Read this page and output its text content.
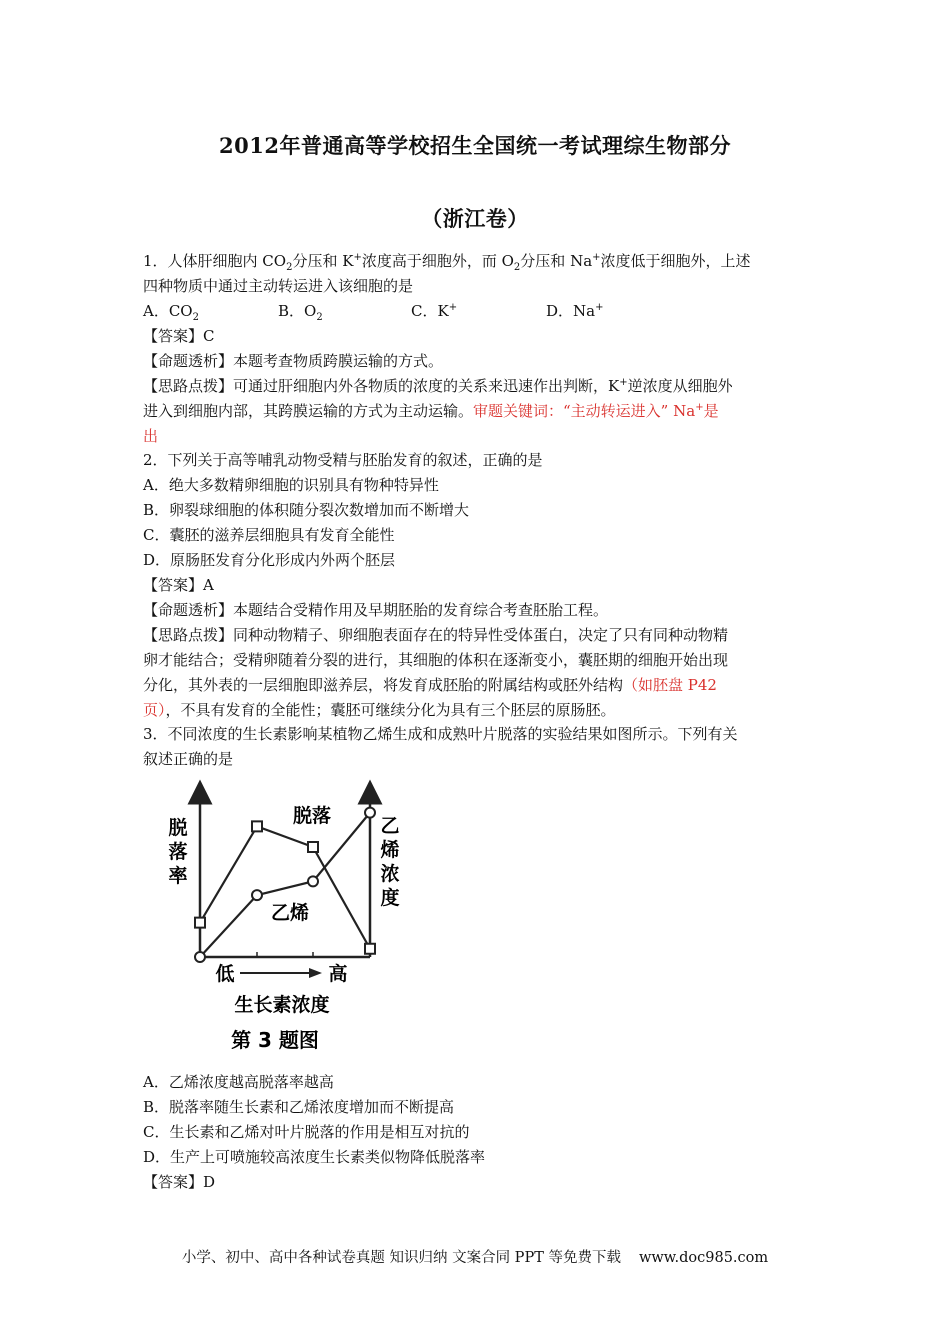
2012年普通高等学校招生全国统一考试理综生物部分
（浙江卷）
1．人体肝细胞内 $CO_2$分压和 K+浓度高于细胞外，而 $O_2$分压和 Na+浓度低于细胞外，上述
四种物质中通过主动转运进入该细胞的是
A．$CO_2$	B．$O_2$	C．K+	D．Na+
【答案】C
【命题透析】本题考查物质跨膜运输的方式。
【思路点拨】可通过肝细胞内外各物质的浓度的关系来迅速作出判断，K+逆浓度从细胞外
进入到细胞内部，其跨膜运输的方式为主动运输。审题关键词：“主动转运进入” Na+是
出
2．下列关于高等哺乳动物受精与胚胎发育的叙述，正确的是
A．绝大多数精卵细胞的识别具有物种特异性
B．卵裂球细胞的体积随分裂次数增加而不断增大
C．囊胚的滋养层细胞具有发育全能性
D．原肠胚发育分化形成内外两个胚层
【答案】A
【命题透析】本题结合受精作用及早期胚胎的发育综合考查胚胎工程。
【思路点拨】同种动物精子、卵细胞表面存在的特异性受体蛋白，决定了只有同种动物精
卵才能结合；受精卵随着分裂的进行，其细胞的体积在逐渐变小，囊胚期的细胞开始出现
分化，其外表的一层细胞即滋养层，将发育成胚胎的附属结构或胚外结构（如胚盘 P42
页），不具有发育的全能性；囊胚可继续分化为具有三个胚层的原肠胚。
3．不同浓度的生长素影响某植物乙烯生成和成熟叶片脱落的实验结果如图所示。下列有关
叙述正确的是
脱落率
乙烯浓度
脱落
乙烯
低	高
生长素浓度
第 3 题图
A．乙烯浓度越高脱落率越高
B．脱落率随生长素和乙烯浓度增加而不断提高
C．生长素和乙烯对叶片脱落的作用是相互对抗的
D．生产上可喷施较高浓度生长素类似物降低脱落率
【答案】D
小学、初中、高中各种试卷真题 知识归纳 文案合同 PPT 等免费下载 www.doc985.com
